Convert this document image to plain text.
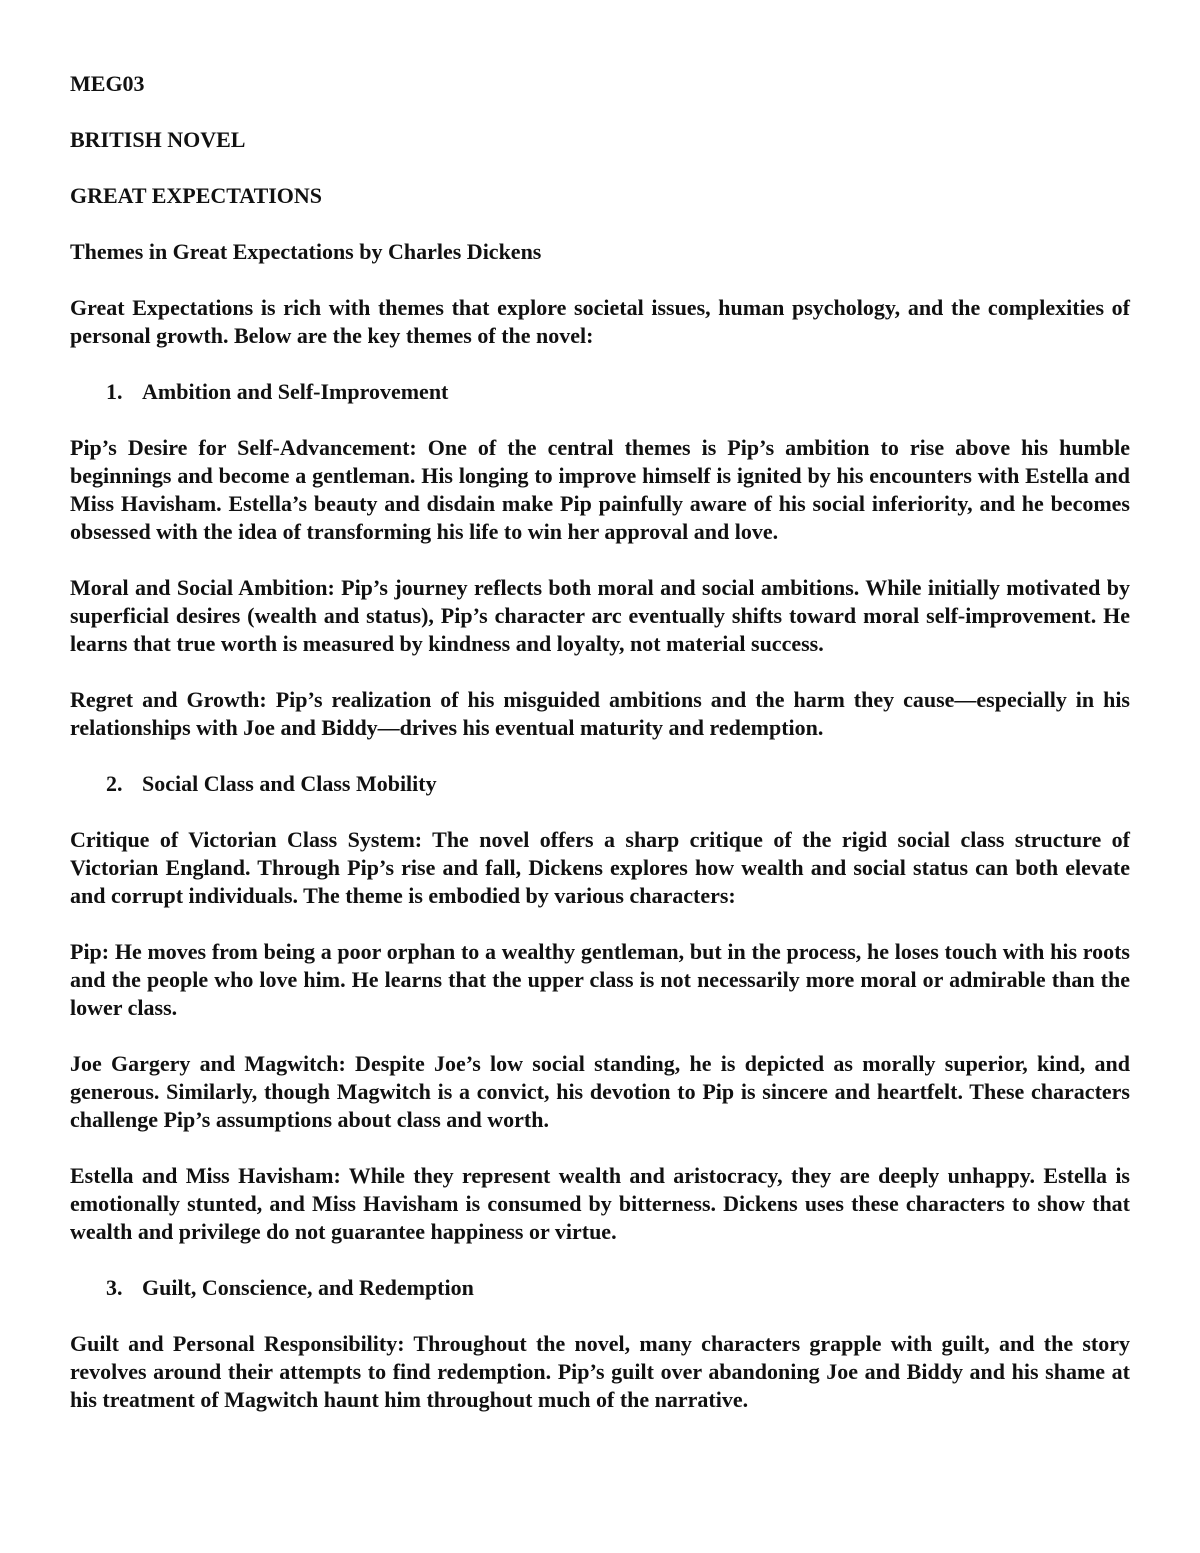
MEG03
BRITISH NOVEL
GREAT EXPECTATIONS
Themes in Great Expectations by Charles Dickens

Great Expectations is rich with themes that explore societal issues, human psychology, and the complexities of personal growth. Below are the key themes of the novel:

1. Ambition and Self-Improvement

Pip’s Desire for Self-Advancement: One of the central themes is Pip’s ambition to rise above his humble beginnings and become a gentleman. His longing to improve himself is ignited by his encounters with Estella and Miss Havisham. Estella’s beauty and disdain make Pip painfully aware of his social inferiority, and he becomes obsessed with the idea of transforming his life to win her approval and love.

Moral and Social Ambition: Pip’s journey reflects both moral and social ambitions. While initially motivated by superficial desires (wealth and status), Pip’s character arc eventually shifts toward moral self-improvement. He learns that true worth is measured by kindness and loyalty, not material success.

Regret and Growth: Pip’s realization of his misguided ambitions and the harm they cause—especially in his relationships with Joe and Biddy—drives his eventual maturity and redemption.

2. Social Class and Class Mobility

Critique of Victorian Class System: The novel offers a sharp critique of the rigid social class structure of Victorian England. Through Pip’s rise and fall, Dickens explores how wealth and social status can both elevate and corrupt individuals. The theme is embodied by various characters:

Pip: He moves from being a poor orphan to a wealthy gentleman, but in the process, he loses touch with his roots and the people who love him. He learns that the upper class is not necessarily more moral or admirable than the lower class.

Joe Gargery and Magwitch: Despite Joe’s low social standing, he is depicted as morally superior, kind, and generous. Similarly, though Magwitch is a convict, his devotion to Pip is sincere and heartfelt. These characters challenge Pip’s assumptions about class and worth.

Estella and Miss Havisham: While they represent wealth and aristocracy, they are deeply unhappy. Estella is emotionally stunted, and Miss Havisham is consumed by bitterness. Dickens uses these characters to show that wealth and privilege do not guarantee happiness or virtue.

3. Guilt, Conscience, and Redemption

Guilt and Personal Responsibility: Throughout the novel, many characters grapple with guilt, and the story revolves around their attempts to find redemption. Pip’s guilt over abandoning Joe and Biddy and his shame at his treatment of Magwitch haunt him throughout much of the narrative.
